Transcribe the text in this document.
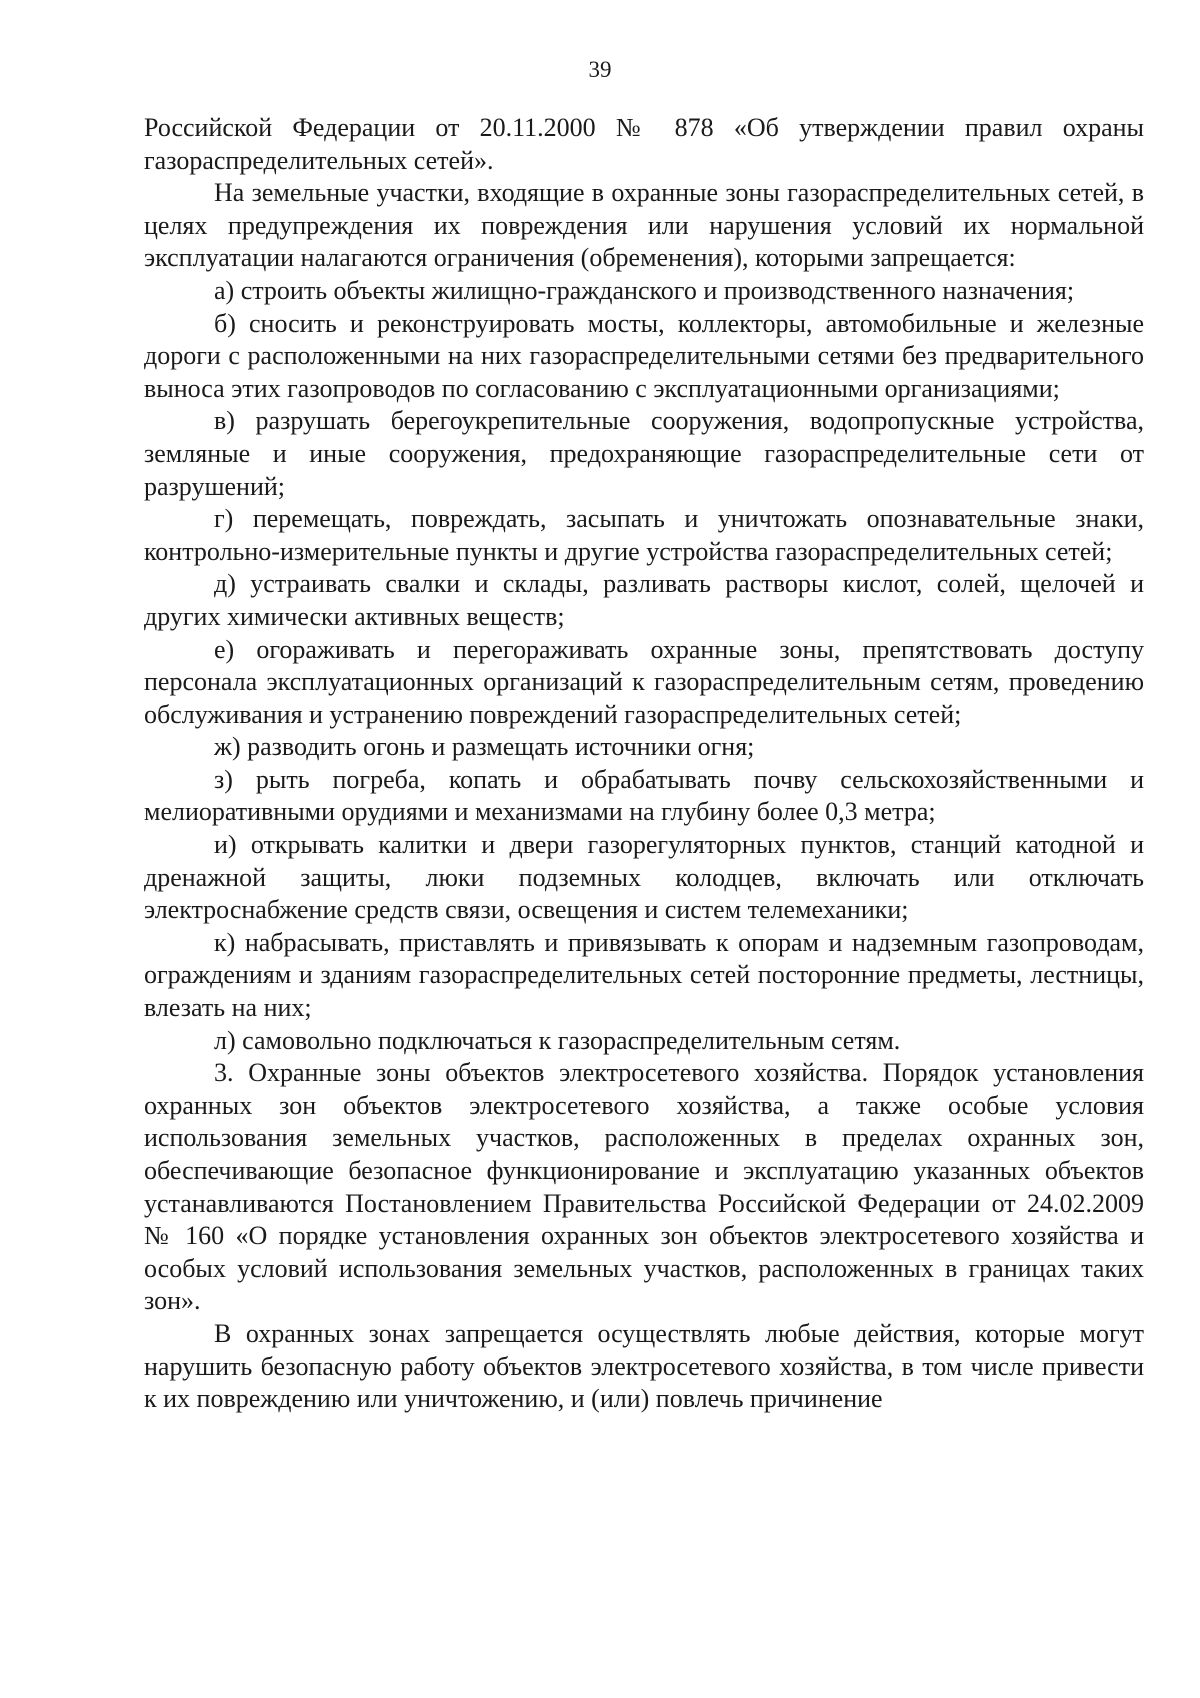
39

Российской Федерации от 20.11.2000 № 878 «Об утверждении правил охраны газораспределительных сетей».

На земельные участки, входящие в охранные зоны газораспределительных сетей, в целях предупреждения их повреждения или нарушения условий их нормальной эксплуатации налагаются ограничения (обременения), которыми запрещается:

а) строить объекты жилищно-гражданского и производственного назначения;

б) сносить и реконструировать мосты, коллекторы, автомобильные и железные дороги с расположенными на них газораспределительными сетями без предварительного выноса этих газопроводов по согласованию с эксплуатационными организациями;

в) разрушать берегоукрепительные сооружения, водопропускные устройства, земляные и иные сооружения, предохраняющие газораспределительные сети от разрушений;

г) перемещать, повреждать, засыпать и уничтожать опознавательные знаки, контрольно-измерительные пункты и другие устройства газораспределительных сетей;

д) устраивать свалки и склады, разливать растворы кислот, солей, щелочей и других химически активных веществ;

е) огораживать и перегораживать охранные зоны, препятствовать доступу персонала эксплуатационных организаций к газораспределительным сетям, проведению обслуживания и устранению повреждений газораспределительных сетей;

ж) разводить огонь и размещать источники огня;

з) рыть погреба, копать и обрабатывать почву сельскохозяйственными и мелиоративными орудиями и механизмами на глубину более 0,3 метра;

и) открывать калитки и двери газорегуляторных пунктов, станций катодной и дренажной защиты, люки подземных колодцев, включать или отключать электроснабжение средств связи, освещения и систем телемеханики;

к) набрасывать, приставлять и привязывать к опорам и надземным газопроводам, ограждениям и зданиям газораспределительных сетей посторонние предметы, лестницы, влезать на них;

л) самовольно подключаться к газораспределительным сетям.

3. Охранные зоны объектов электросетевого хозяйства. Порядок установления охранных зон объектов электросетевого хозяйства, а также особые условия использования земельных участков, расположенных в пределах охранных зон, обеспечивающие безопасное функционирование и эксплуатацию указанных объектов устанавливаются Постановлением Правительства Российской Федерации от 24.02.2009 № 160 «О порядке установления охранных зон объектов электросетевого хозяйства и особых условий использования земельных участков, расположенных в границах таких зон».

В охранных зонах запрещается осуществлять любые действия, которые могут нарушить безопасную работу объектов электросетевого хозяйства, в том числе привести к их повреждению или уничтожению, и (или) повлечь причинение
